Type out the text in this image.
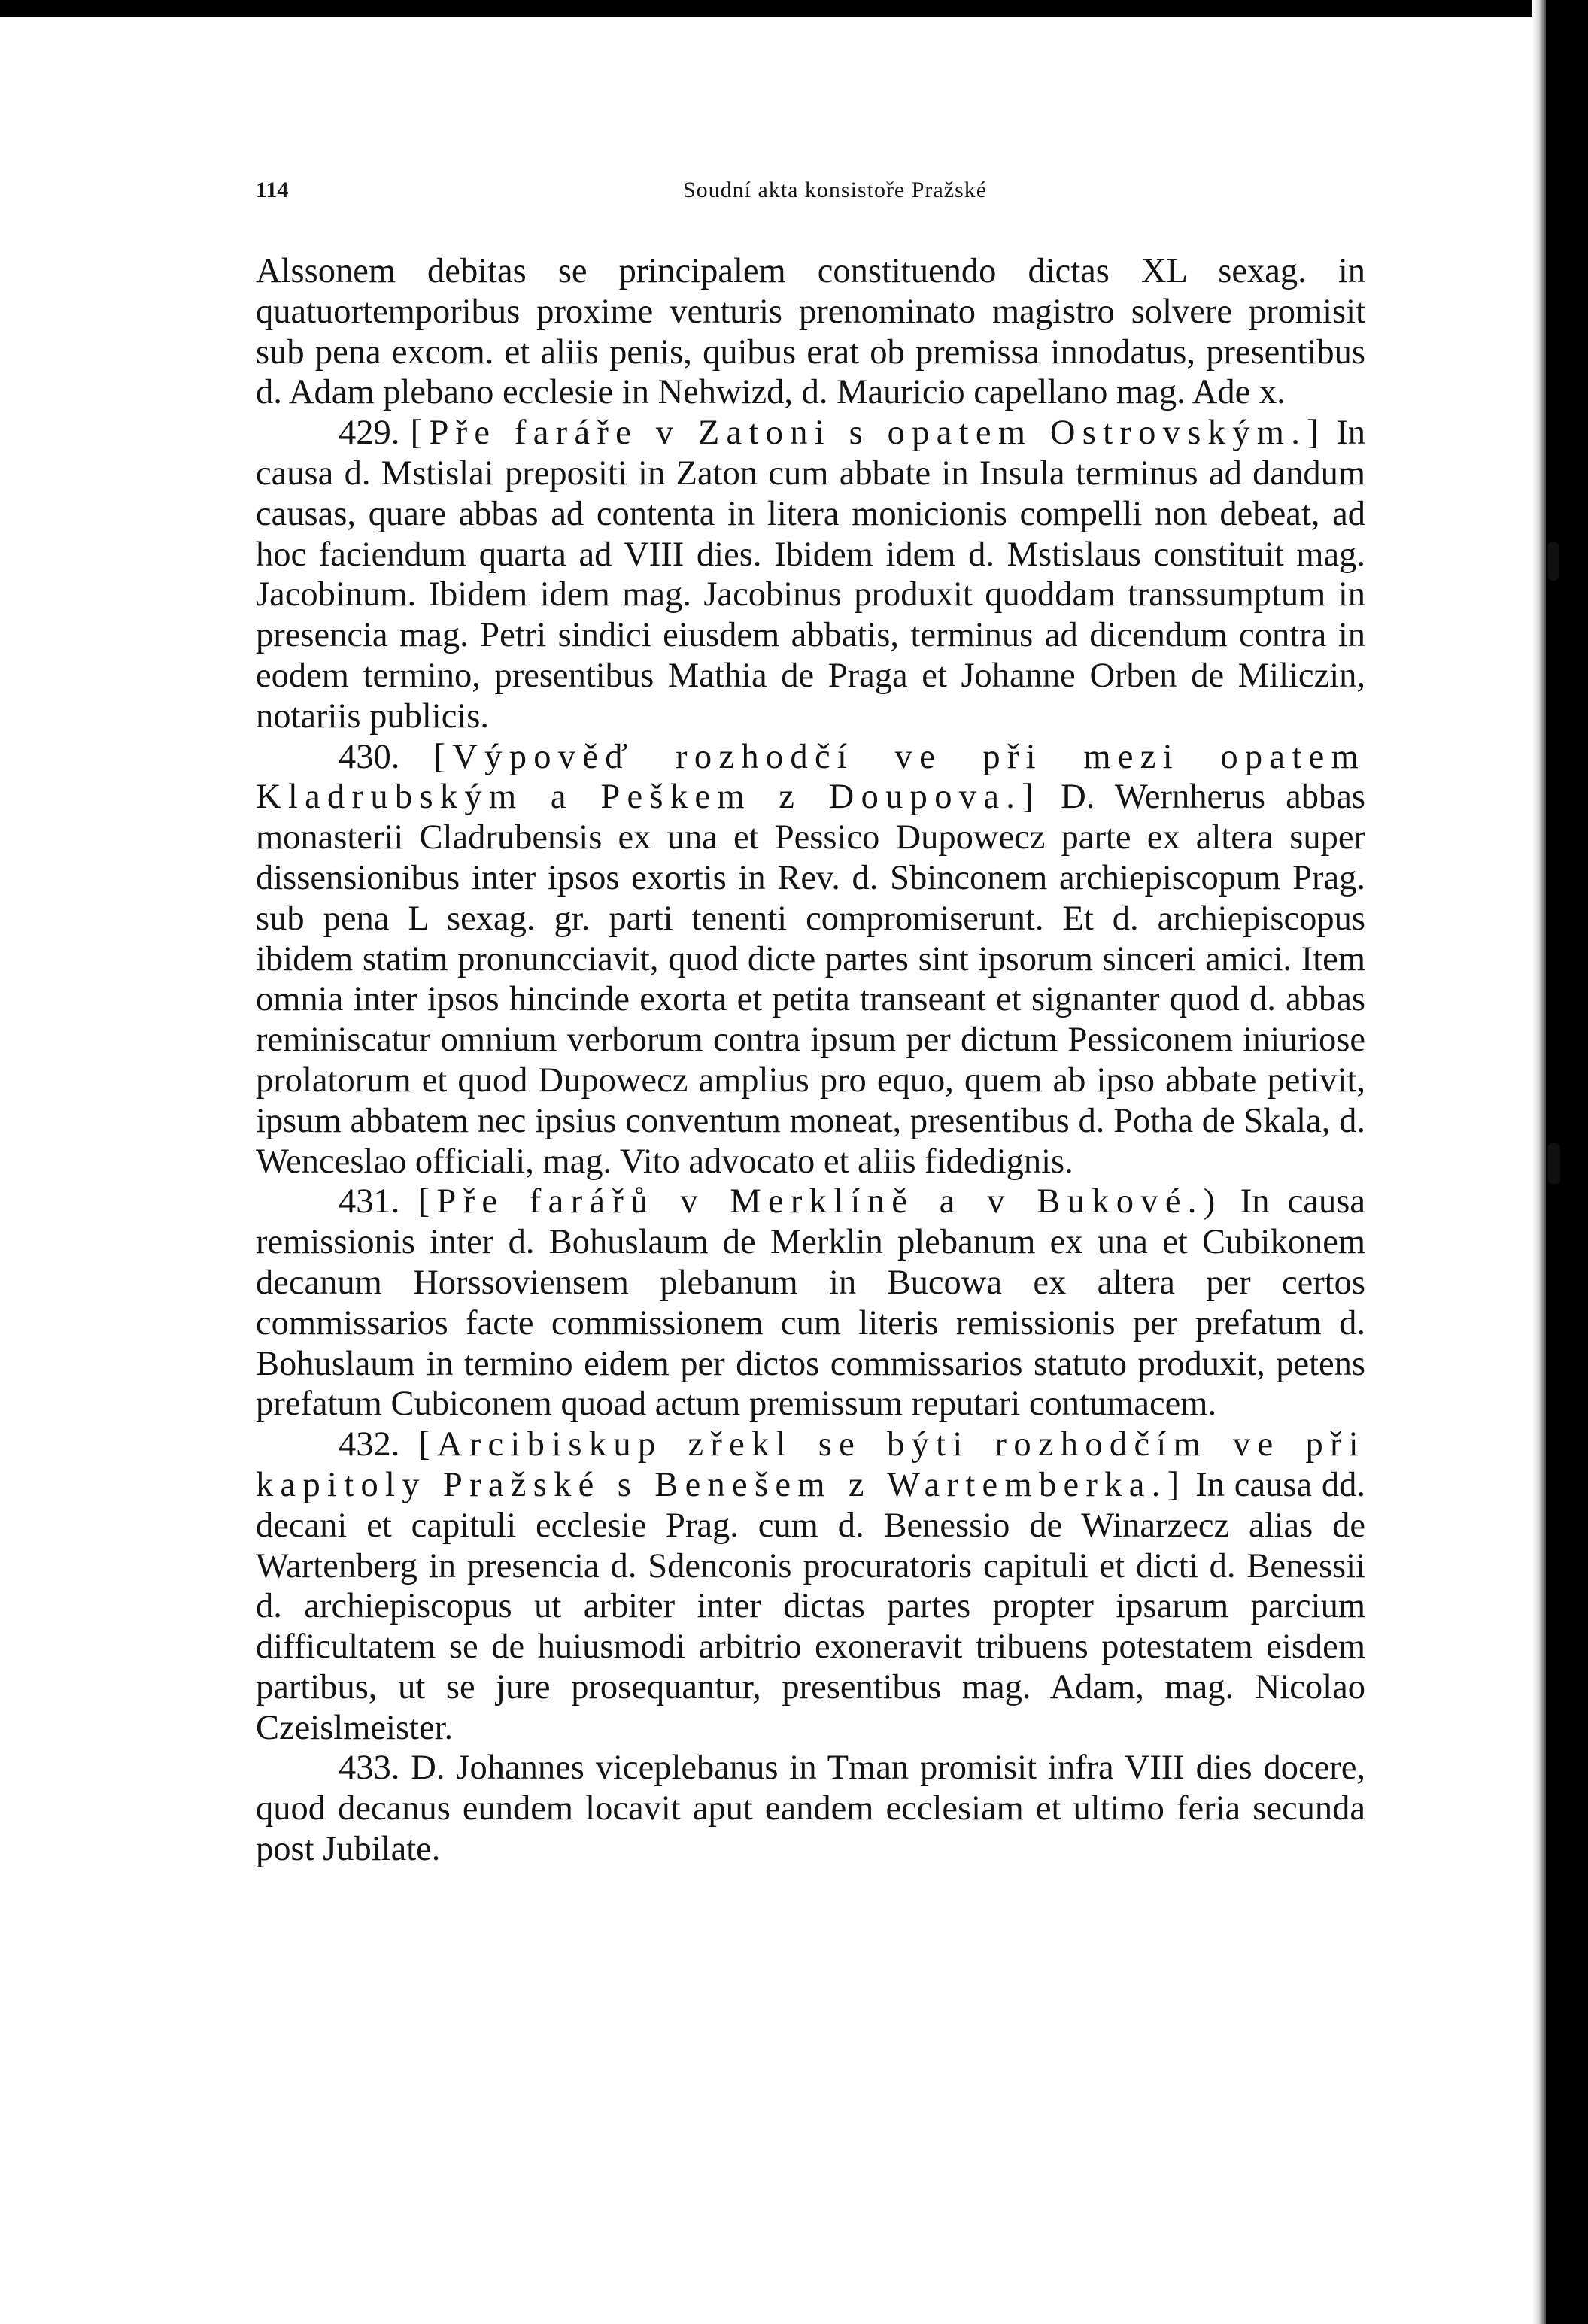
114	Soudní akta konsistoře Pražské

Alssonem debitas se principalem constituendo dictas XL sexag. in quatuortemporibus proxime venturis prenominato magistro solvere promisit sub pena excom. et aliis penis, quibus erat ob premissa innodatus, presentibus d. Adam plebano ecclesie in Nehwizd, d. Mauricio capellano mag. Ade x.

429. [Pře faráře v Zatoni s opatem Ostrovským.] In causa d. Mstislai prepositi in Zaton cum abbate in Insula terminus ad dandum causas, quare abbas ad contenta in litera monicionis compelli non debeat, ad hoc faciendum quarta ad VIII dies. Ibidem idem d. Mstislaus constituit mag. Jacobinum. Ibidem idem mag. Jacobinus produxit quoddam transsumptum in presencia mag. Petri sindici eiusdem abbatis, terminus ad dicendum contra in eodem termino, presentibus Mathia de Praga et Johanne Orben de Miliczin, notariis publicis.

430. [Výpověď rozhodčí ve při mezi opatem Kladrubským a Peškem z Doupova.] D. Wernherus abbas monasterii Cladrubensis ex una et Pessico Dupowecz parte ex altera super dissensionibus inter ipsos exortis in Rev. d. Sbinconem archiepiscopum Prag. sub pena L sexag. gr. parti tenenti compromiserunt. Et d. archiepiscopus ibidem statim pronuncciavit, quod dicte partes sint ipsorum sinceri amici. Item omnia inter ipsos hincinde exorta et petita transeant et signanter quod d. abbas reminiscatur omnium verborum contra ipsum per dictum Pessiconem iniuriose prolatorum et quod Dupowecz amplius pro equo, quem ab ipso abbate petivit, ipsum abbatem nec ipsius conventum moneat, presentibus d. Potha de Skala, d. Wenceslao officiali, mag. Vito advocato et aliis fidedignis.

431. [Pře farářů v Merklíně a v Bukové.) In causa remissionis inter d. Bohuslaum de Merklin plebanum ex una et Cubikonem decanum Horssoviensem plebanum in Bucowa ex altera per certos commissarios facte commissionem cum literis remissionis per prefatum d. Bohuslaum in termino eidem per dictos commissarios statuto produxit, petens prefatum Cubiconem quoad actum premissum reputari contumacem.

432. [Arcibiskup zřekl se býti rozhodčím ve při kapitoly Pražské s Benešem z Wartemberka.] In causa dd. decani et capituli ecclesie Prag. cum d. Benessio de Winarzecz alias de Wartenberg in presencia d. Sdenconis procuratoris capituli et dicti d. Benessii d. archiepiscopus ut arbiter inter dictas partes propter ipsarum parcium difficultatem se de huiusmodi arbitrio exoneravit tribuens potestatem eisdem partibus, ut se jure prosequantur, presentibus mag. Adam, mag. Nicolao Czeislmeister.

433. D. Johannes viceplebanus in Tman promisit infra VIII dies docere, quod decanus eundem locavit aput eandem ecclesiam et ultimo feria secunda post Jubilate.
